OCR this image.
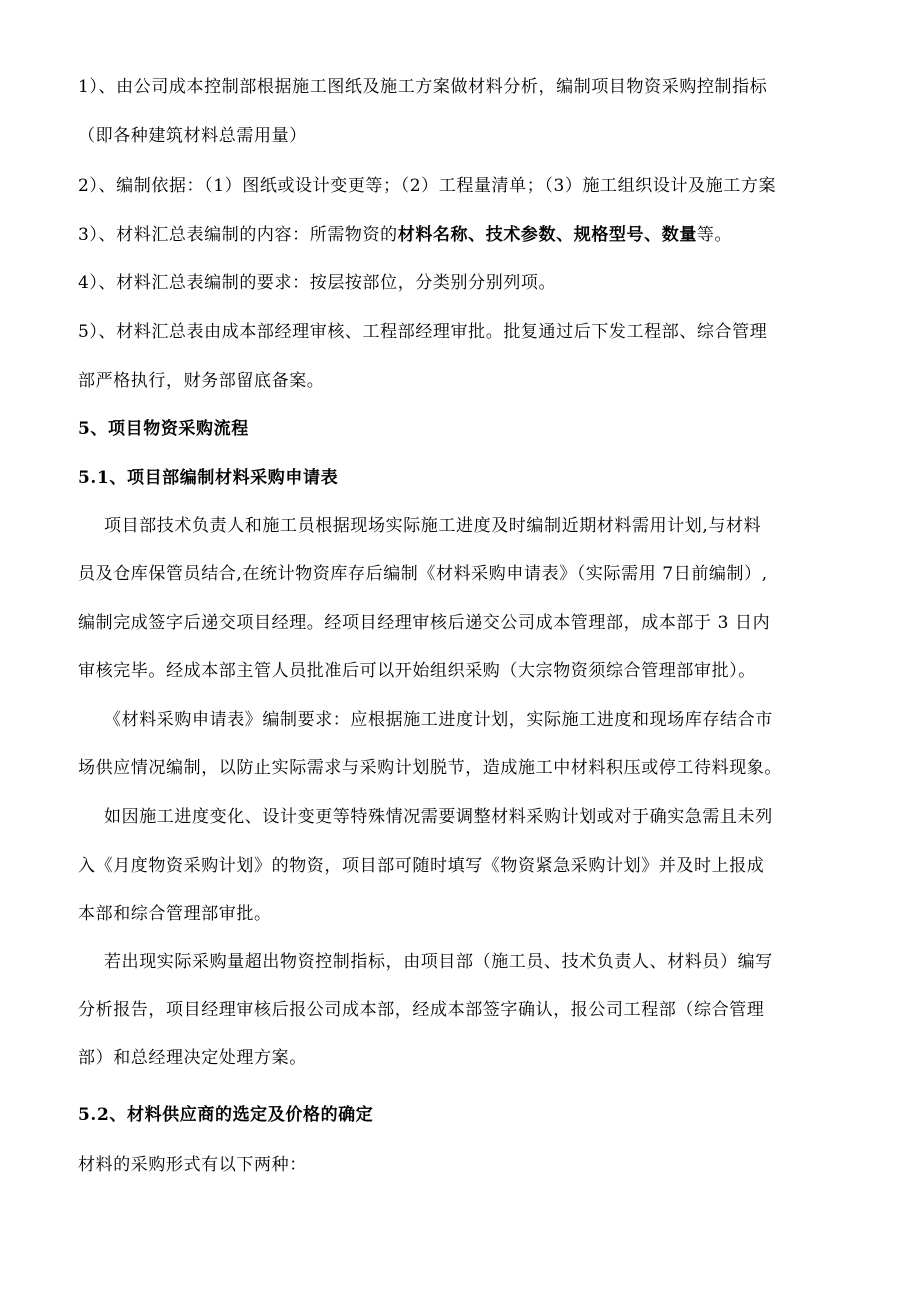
1）、由公司成本控制部根据施工图纸及施工方案做材料分析，编制项目物资采购控制指标
（即各种建筑材料总需用量）
2）、编制依据：（1）图纸或设计变更等；（2）工程量清单；（3）施工组织设计及施工方案
3）、材料汇总表编制的内容：所需物资的材料名称、技术参数、规格型号、数量等。
4）、材料汇总表编制的要求：按层按部位，分类别分别列项。
5）、材料汇总表由成本部经理审核、工程部经理审批。批复通过后下发工程部、综合管理
部严格执行，财务部留底备案。
5、项目物资采购流程
5.1、项目部编制材料采购申请表
项目部技术负责人和施工员根据现场实际施工进度及时编制近期材料需用计划,与材料
员及仓库保管员结合,在统计物资库存后编制《材料采购申请表》（实际需用 7日前编制）,
编制完成签字后递交项目经理。经项目经理审核后递交公司成本管理部，成本部于 3 日内
审核完毕。经成本部主管人员批准后可以开始组织采购（大宗物资须综合管理部审批）。
《材料采购申请表》编制要求：应根据施工进度计划，实际施工进度和现场库存结合市
场供应情况编制，以防止实际需求与采购计划脱节，造成施工中材料积压或停工待料现象。
如因施工进度变化、设计变更等特殊情况需要调整材料采购计划或对于确实急需且未列
入《月度物资采购计划》的物资，项目部可随时填写《物资紧急采购计划》并及时上报成
本部和综合管理部审批。
若出现实际采购量超出物资控制指标，由项目部（施工员、技术负责人、材料员）编写
分析报告，项目经理审核后报公司成本部，经成本部签字确认，报公司工程部（综合管理
部）和总经理决定处理方案。
5.2、材料供应商的选定及价格的确定
材料的采购形式有以下两种：
